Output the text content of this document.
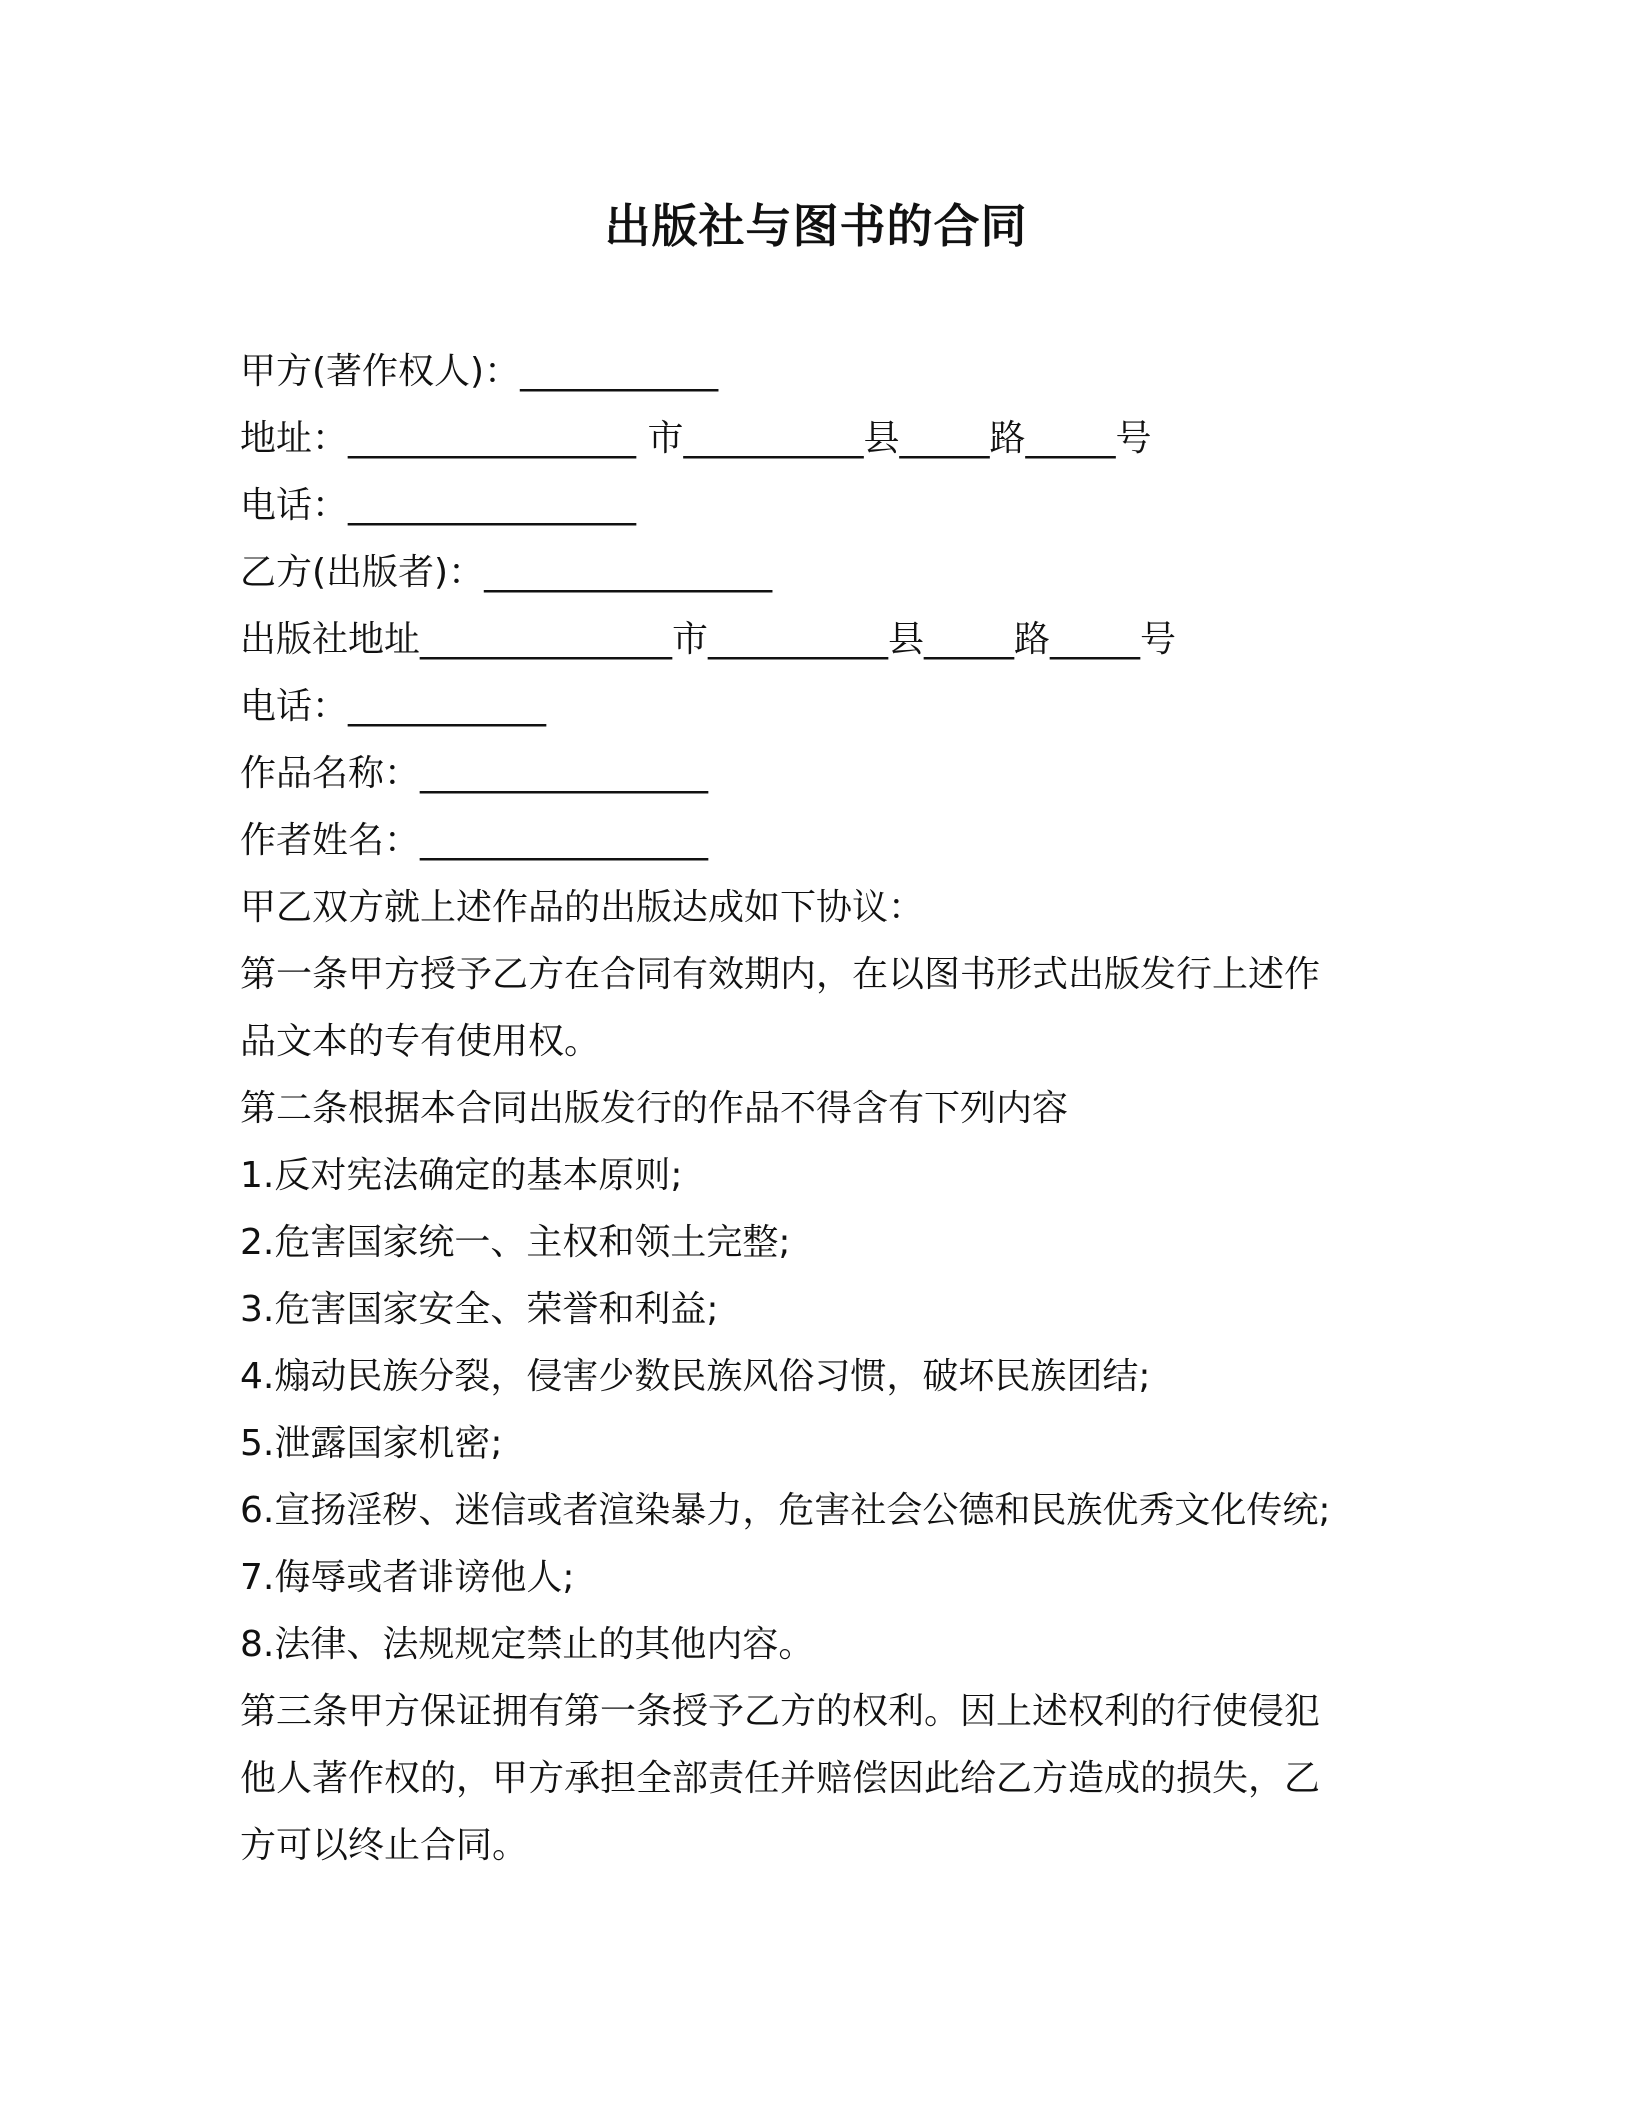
出版社与图书的合同
甲方(著作权人)：___________
地址：________________ 市__________县_____路_____号
电话：________________
乙方(出版者)：________________
出版社地址______________市__________县_____路_____号
电话：___________
作品名称：________________
作者姓名：________________
甲乙双方就上述作品的出版达成如下协议：
第一条甲方授予乙方在合同有效期内，在以图书形式出版发行上述作
品文本的专有使用权。
第二条根据本合同出版发行的作品不得含有下列内容
1.反对宪法确定的基本原则;
2.危害国家统一、主权和领土完整;
3.危害国家安全、荣誉和利益;
4.煽动民族分裂，侵害少数民族风俗习惯，破坏民族团结;
5.泄露国家机密;
6.宣扬淫秽、迷信或者渲染暴力，危害社会公德和民族优秀文化传统;
7.侮辱或者诽谤他人;
8.法律、法规规定禁止的其他内容。
第三条甲方保证拥有第一条授予乙方的权利。因上述权利的行使侵犯
他人著作权的，甲方承担全部责任并赔偿因此给乙方造成的损失，乙
方可以终止合同。
